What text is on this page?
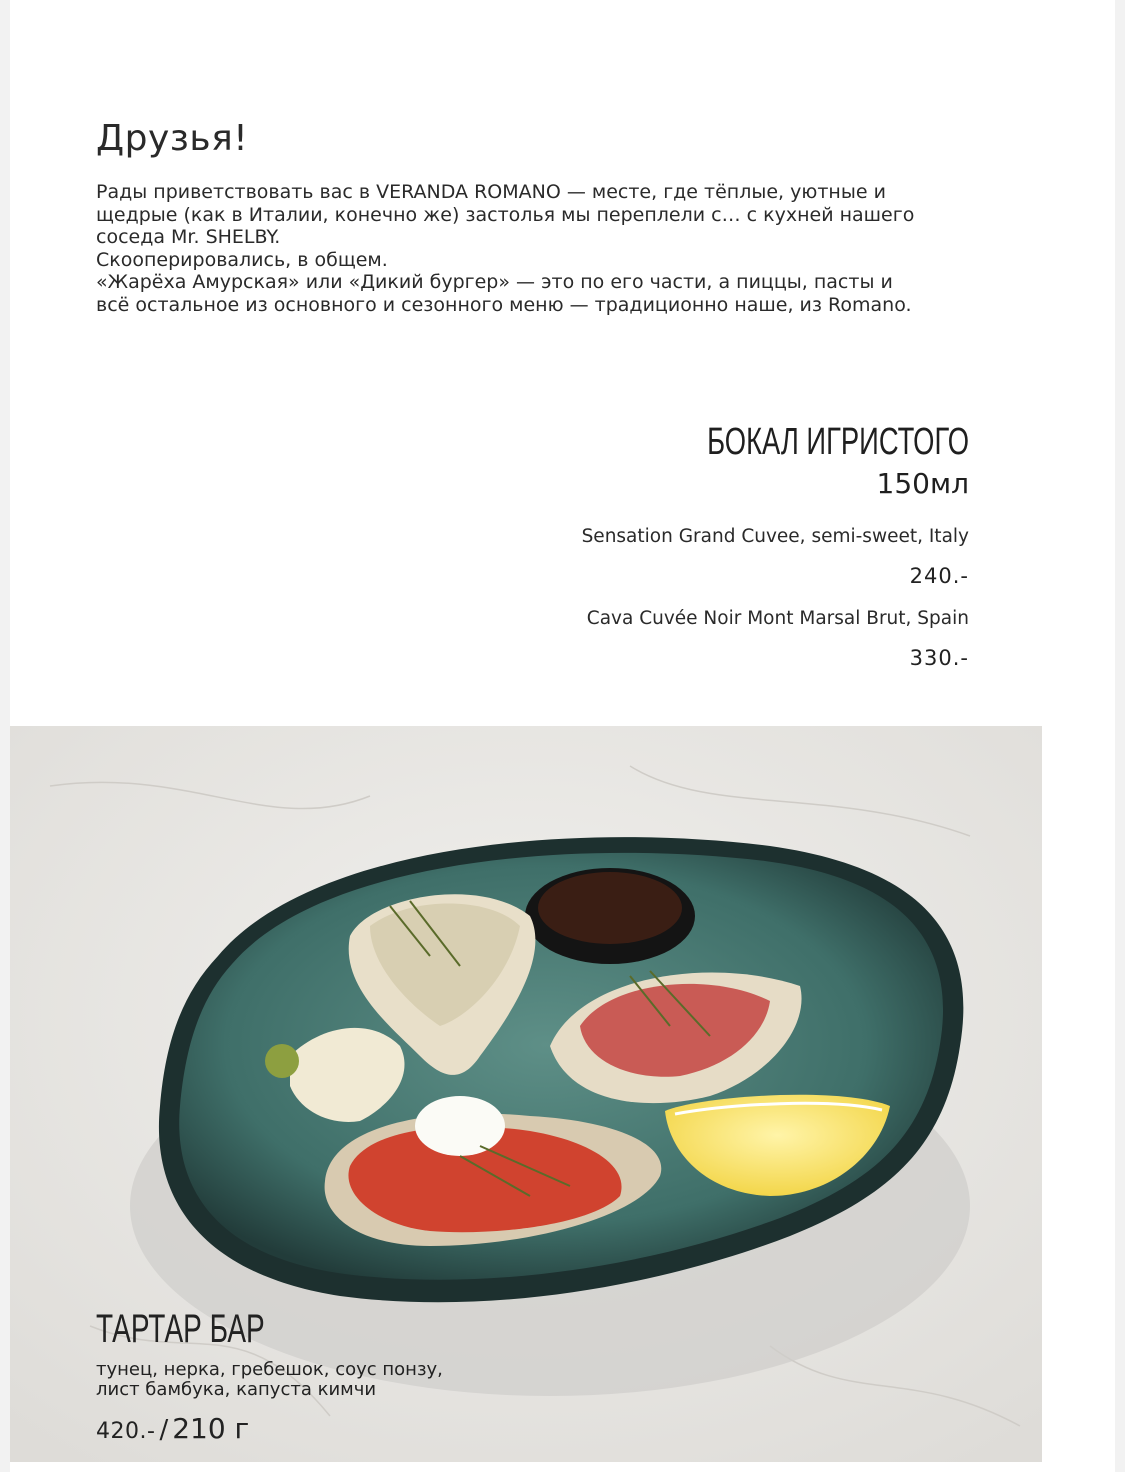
Друзья!

Рады приветствовать вас в VERANDA ROMANO — месте, где тёплые, уютные и

щедрые (как в Италии, конечно же) застолья мы переплели с… с кухней нашего

соседа Mr. SHELBY.

Скооперировались, в общем.

«Жарёха Амурская» или «Дикий бургер» — это по его части, а пиццы, пасты и

всё остальное из основного и сезонного меню — традиционно наше, из Romano.

БОКАЛ ИГРИСТОГО
150мл
Sensation Grand Cuvee, semi-sweet, Italy
240.-
Cava Cuvée Noir Mont Marsal Brut, Spain
330.-
ТАРТАР БАР
тунец, нерка, гребешок, соус понзу,
лист бамбука, капуста кимчи
420.- / 210 г
